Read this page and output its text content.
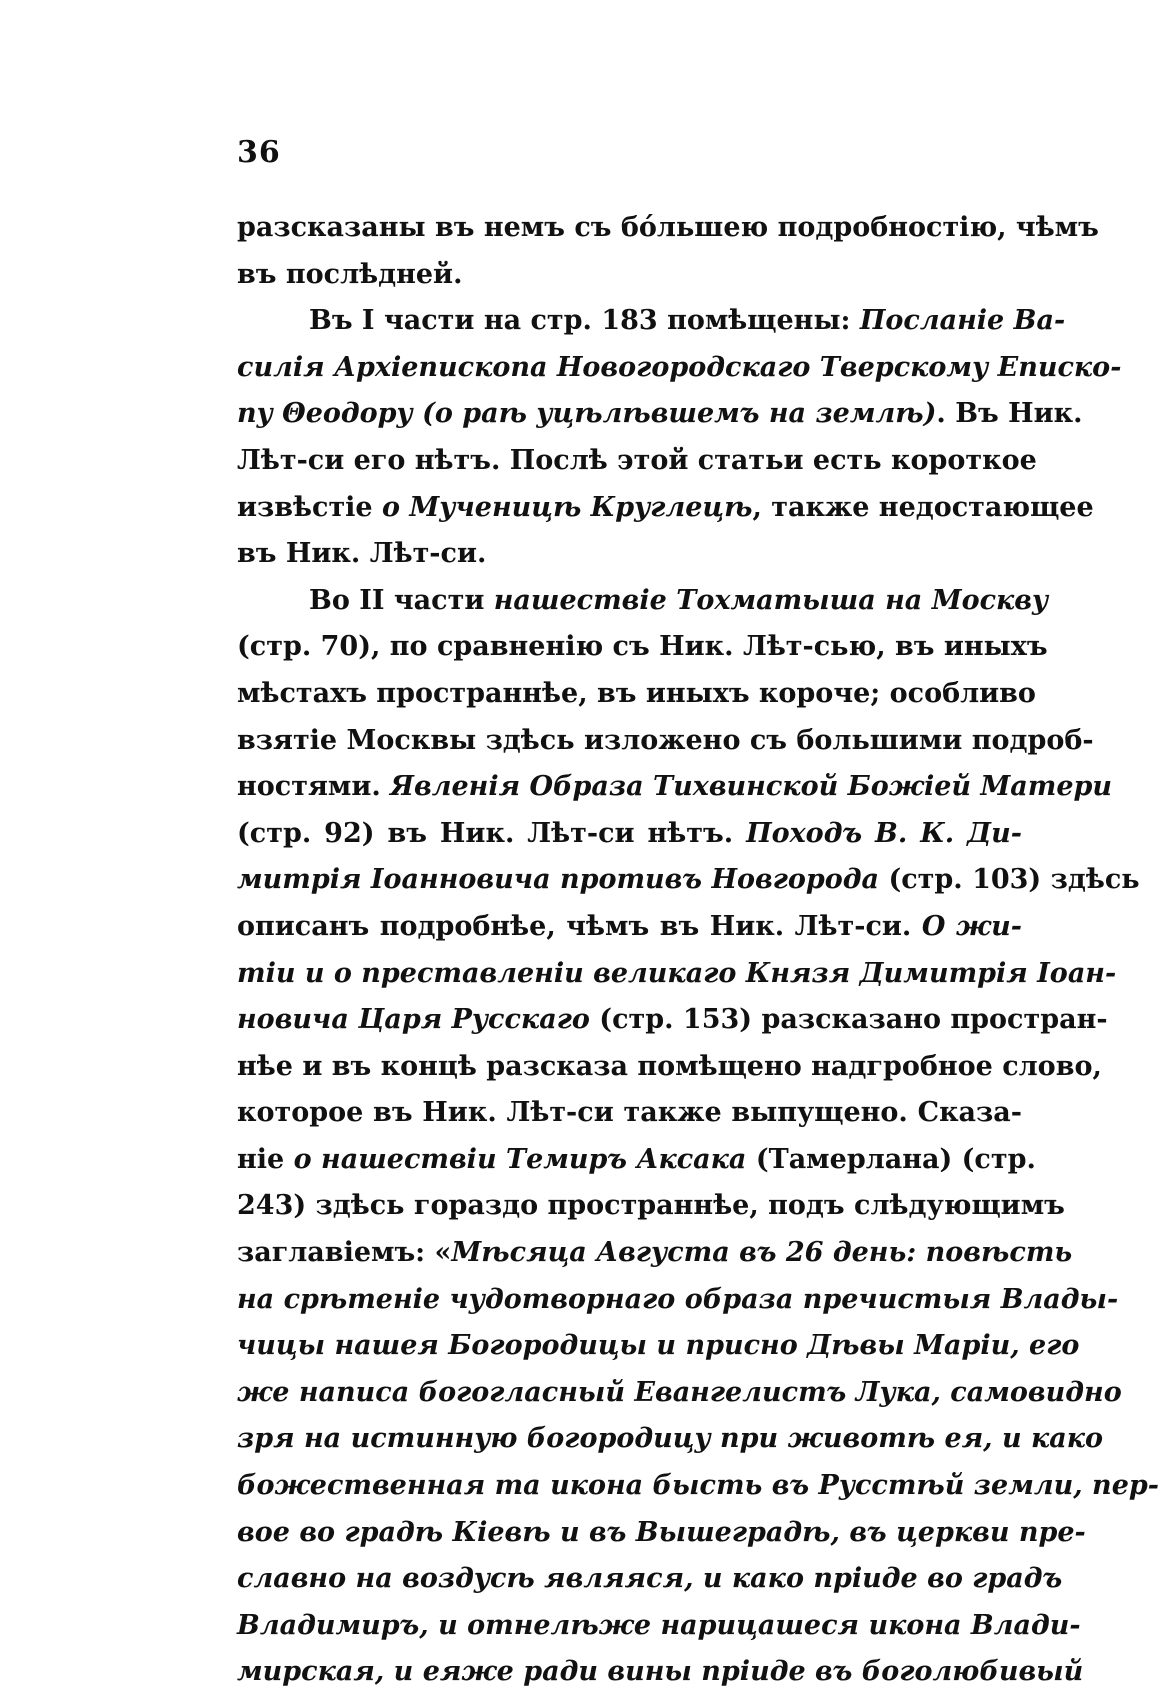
36
разсказаны въ немъ съ бо́льшею подробностію, чѣмъ
въ послѣдней.
Въ I части на стр. 183 помѣщены: Посланіе Ва-
силія Архіепископа Новогородскаго Тверскому Еписко-
пу Θеодору (о раѣ уцѣлѣвшемъ на землѣ). Въ Ник.
Лѣт-си его нѣтъ. Послѣ этой статьи есть короткое
извѣстіе о Мученицѣ Круглецѣ, также недостающее
въ Ник. Лѣт-си.
Во II части нашествіе Тохматыша на Москву
(стр. 70), по сравненію съ Ник. Лѣт-сью, въ иныхъ
мѣстахъ пространнѣе, въ иныхъ короче; особливо
взятіе Москвы здѣсь изложено съ большими подроб-
ностями. Явленія Образа Тихвинской Божіей Матери
(стр. 92) въ Ник. Лѣт-си нѣтъ. Походъ В. К. Ди-
митрія Іоанновича противъ Новгорода (стр. 103) здѣсь
описанъ подробнѣе, чѣмъ въ Ник. Лѣт-си. О жи-
тіи и о преставленіи великаго Князя Димитрія Іоан-
новича Царя Русскаго (стр. 153) разсказано простран-
нѣе и въ концѣ разсказа помѣщено надгробное слово,
которое въ Ник. Лѣт-си также выпущено. Сказа-
ніе о нашествіи Темиръ Аксака (Тамерлана) (стр.
243) здѣсь гораздо пространнѣе, подъ слѣдующимъ
заглавіемъ: «Мѣсяца Августа въ 26 день: повѣсть
на срѣтеніе чудотворнаго образа пречистыя Влады-
чицы нашея Богородицы и присно Дѣвы Маріи, его
же написа богогласный Евангелистъ Лука, самовидно
зря на истинную богородицу при животѣ ея, и како
божественная та икона бысть въ Русстѣй земли, пер-
вое во градѣ Кіевѣ и въ Вышеградѣ, въ церкви пре-
славно на воздусѣ являяся, и како пріиде во градъ
Владимиръ, и отнелѣже нарицашеся икона Влади-
мирская, и еяже ради вины пріиде въ боголюбивый
